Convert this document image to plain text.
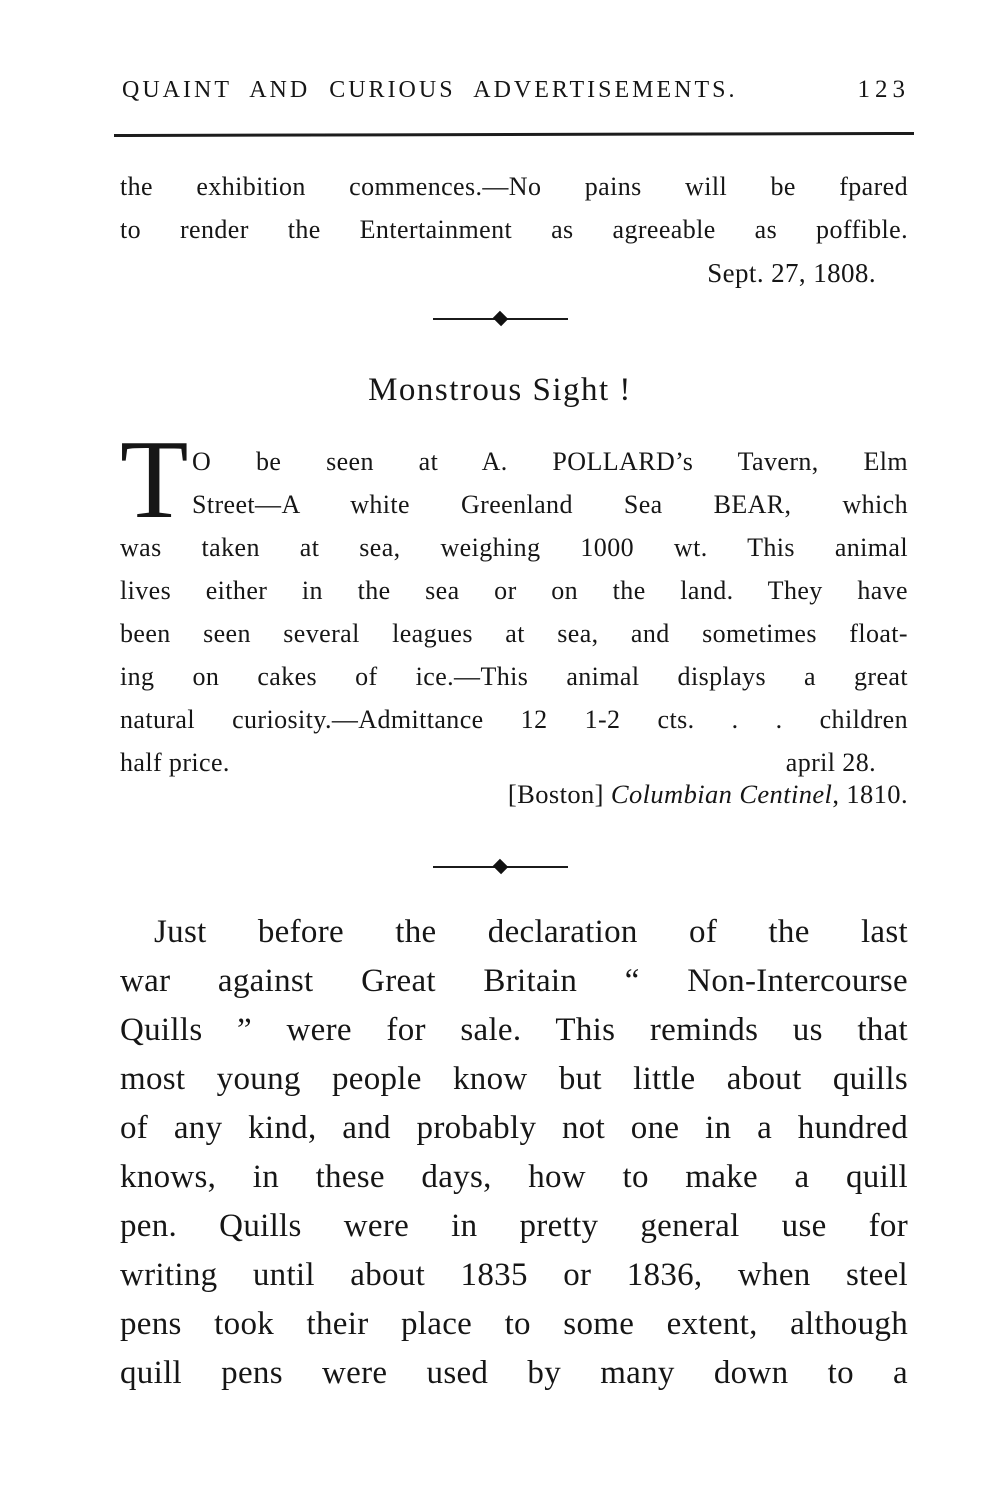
QUAINT AND CURIOUS ADVERTISEMENTS.	123
the exhibition commences.—No pains will be fpared
to render the Entertainment as agreeable as poffible.
Sept. 27, 1808.
Monstrous Sight !
T O be seen at A. POLLARD’s Tavern, Elm
Street—A white Greenland Sea BEAR, which
was taken at sea, weighing 1000 wt. This animal
lives either in the sea or on the land. They have
been seen several leagues at sea, and sometimes float-
ing on cakes of ice.—This animal displays a great
natural curiosity.—Admittance 12 1-2 cts. . . children
half price.	april 28.
[Boston] Columbian Centinel, 1810.
Just before the declaration of the last
war against Great Britain “ Non-Intercourse
Quills ” were for sale. This reminds us that
most young people know but little about quills
of any kind, and probably not one in a hundred
knows, in these days, how to make a quill
pen. Quills were in pretty general use for
writing until about 1835 or 1836, when steel
pens took their place to some extent, although
quill pens were used by many down to a
